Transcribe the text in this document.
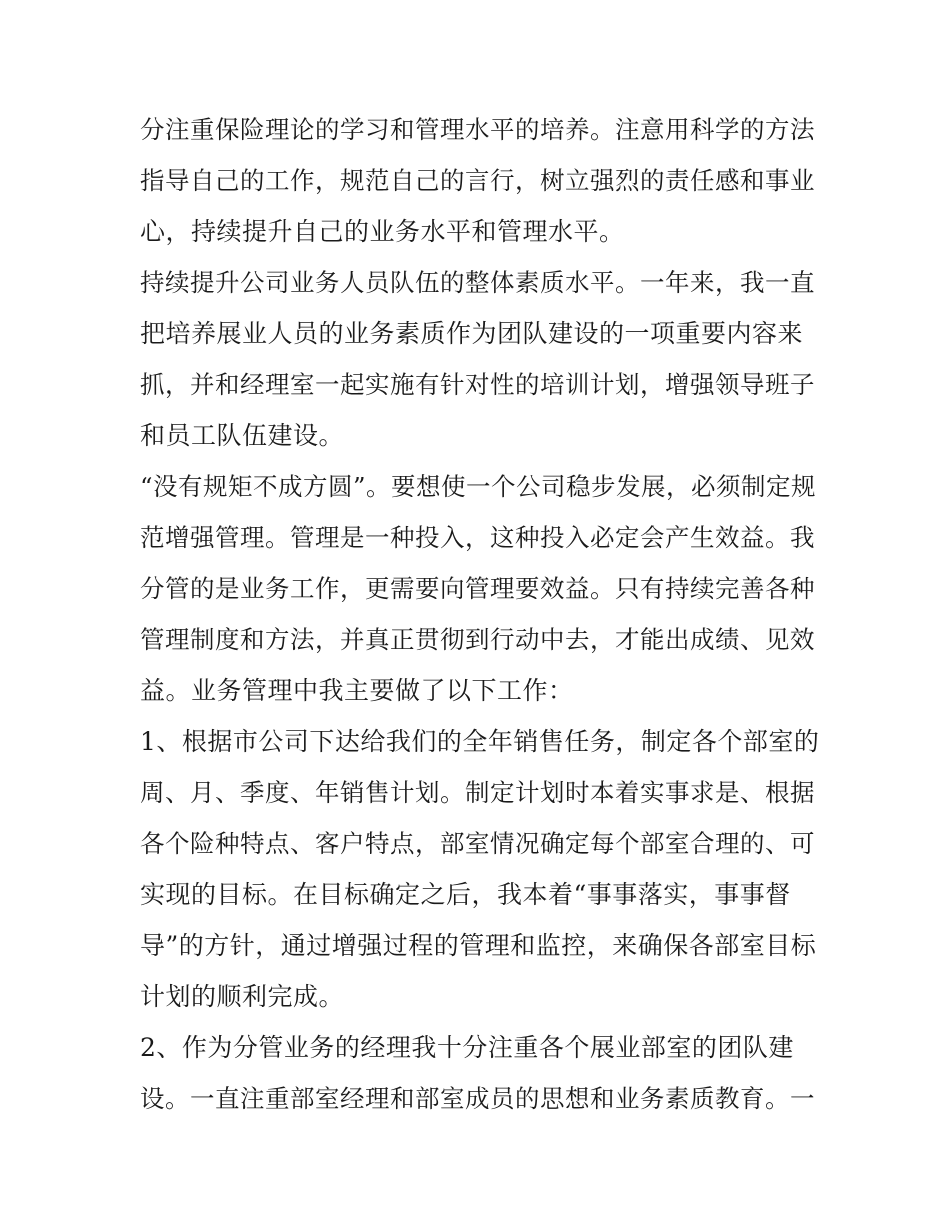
分注重保险理论的学习和管理水平的培养。注意用科学的方法
指导自己的工作，规范自己的言行，树立强烈的责任感和事业
心，持续提升自己的业务水平和管理水平。
持续提升公司业务人员队伍的整体素质水平。一年来，我一直
把培养展业人员的业务素质作为团队建设的一项重要内容来
抓，并和经理室一起实施有针对性的培训计划，增强领导班子
和员工队伍建设。
“没有规矩不成方圆”。要想使一个公司稳步发展，必须制定规
范增强管理。管理是一种投入，这种投入必定会产生效益。我
分管的是业务工作，更需要向管理要效益。只有持续完善各种
管理制度和方法，并真正贯彻到行动中去，才能出成绩、见效
益。业务管理中我主要做了以下工作：
1、根据市公司下达给我们的全年销售任务，制定各个部室的
周、月、季度、年销售计划。制定计划时本着实事求是、根据
各个险种特点、客户特点，部室情况确定每个部室合理的、可
实现的目标。在目标确定之后，我本着“事事落实，事事督
导”的方针，通过增强过程的管理和监控，来确保各部室目标
计划的顺利完成。
2、作为分管业务的经理我十分注重各个展业部室的团队建
设。一直注重部室经理和部室成员的思想和业务素质教育。一
